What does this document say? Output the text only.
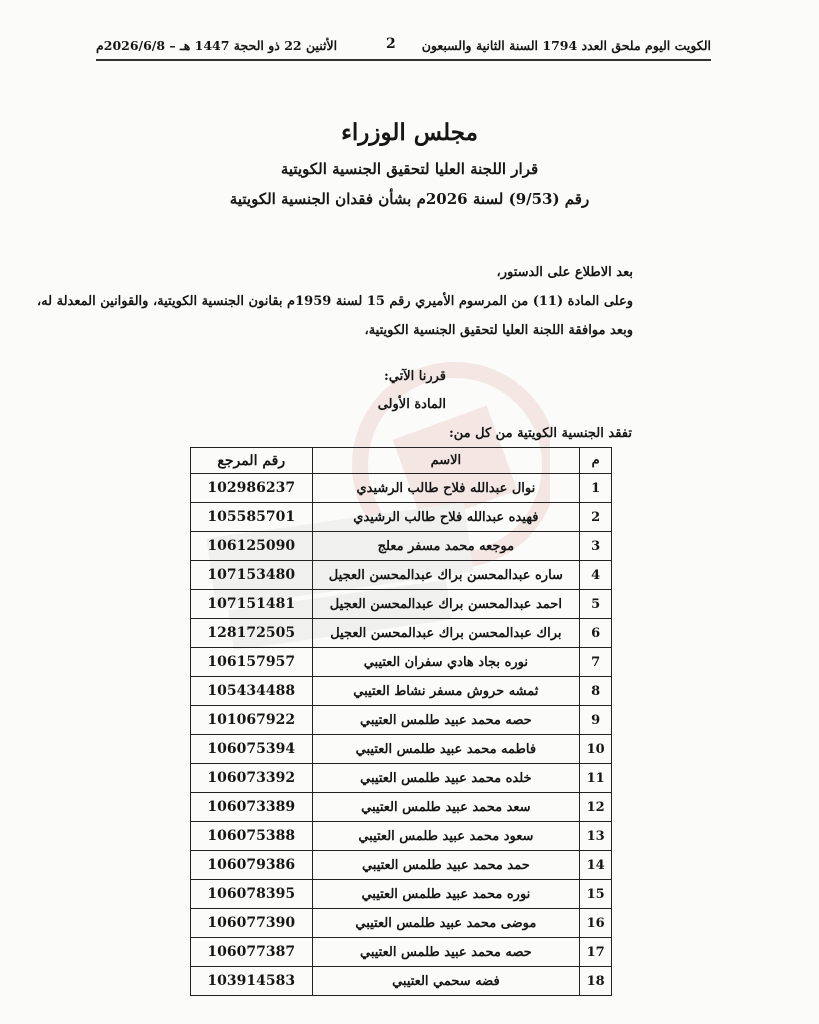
الكويت اليوم ملحق العدد 1794 السنة الثانية والسبعون
2
الأثنين 22 ذو الحجة 1447 هـ – 2026/6/8م
مجلس الوزراء
قرار اللجنة العليا لتحقيق الجنسية الكويتية
رقم (9/53) لسنة 2026م بشأن فقدان الجنسية الكويتية

بعد الاطلاع على الدستور،

وعلى المادة (11) من المرسوم الأميري رقم 15 لسنة 1959م بقانون الجنسية الكويتية، والقوانين المعدلة له،

وبعد موافقة اللجنة العليا لتحقيق الجنسية الكويتية،

قررنا الآتي:
المادة الأولى
تفقد الجنسية الكويتية من كل من:
م	الاسم	رقم المرجع
1	نوال عبدالله فلاح طالب الرشيدي	102986237
2	فهيده عبدالله فلاح طالب الرشيدي	105585701
3	موجعه محمد مسفر معلج	106125090
4	ساره عبدالمحسن براك عبدالمحسن العجيل	107153480
5	احمد عبدالمحسن براك عبدالمحسن العجيل	107151481
6	براك عبدالمحسن براك عبدالمحسن العجيل	128172505
7	نوره بجاد هادي سفران العتيبي	106157957
8	ثمشه حروش مسفر نشاط العتيبي	105434488
9	حصه محمد عبيد طلمس العتيبي	101067922
10	فاطمه محمد عبيد طلمس العتيبي	106075394
11	خلده محمد عبيد طلمس العتيبي	106073392
12	سعد محمد عبيد طلمس العتيبي	106073389
13	سعود محمد عبيد طلمس العتيبي	106075388
14	حمد محمد عبيد طلمس العتيبي	106079386
15	نوره محمد عبيد طلمس العتيبي	106078395
16	موضى محمد عبيد طلمس العتيبي	106077390
17	حصه محمد عبيد طلمس العتيبي	106077387
18	فضه سحمي العتيبي	103914583
